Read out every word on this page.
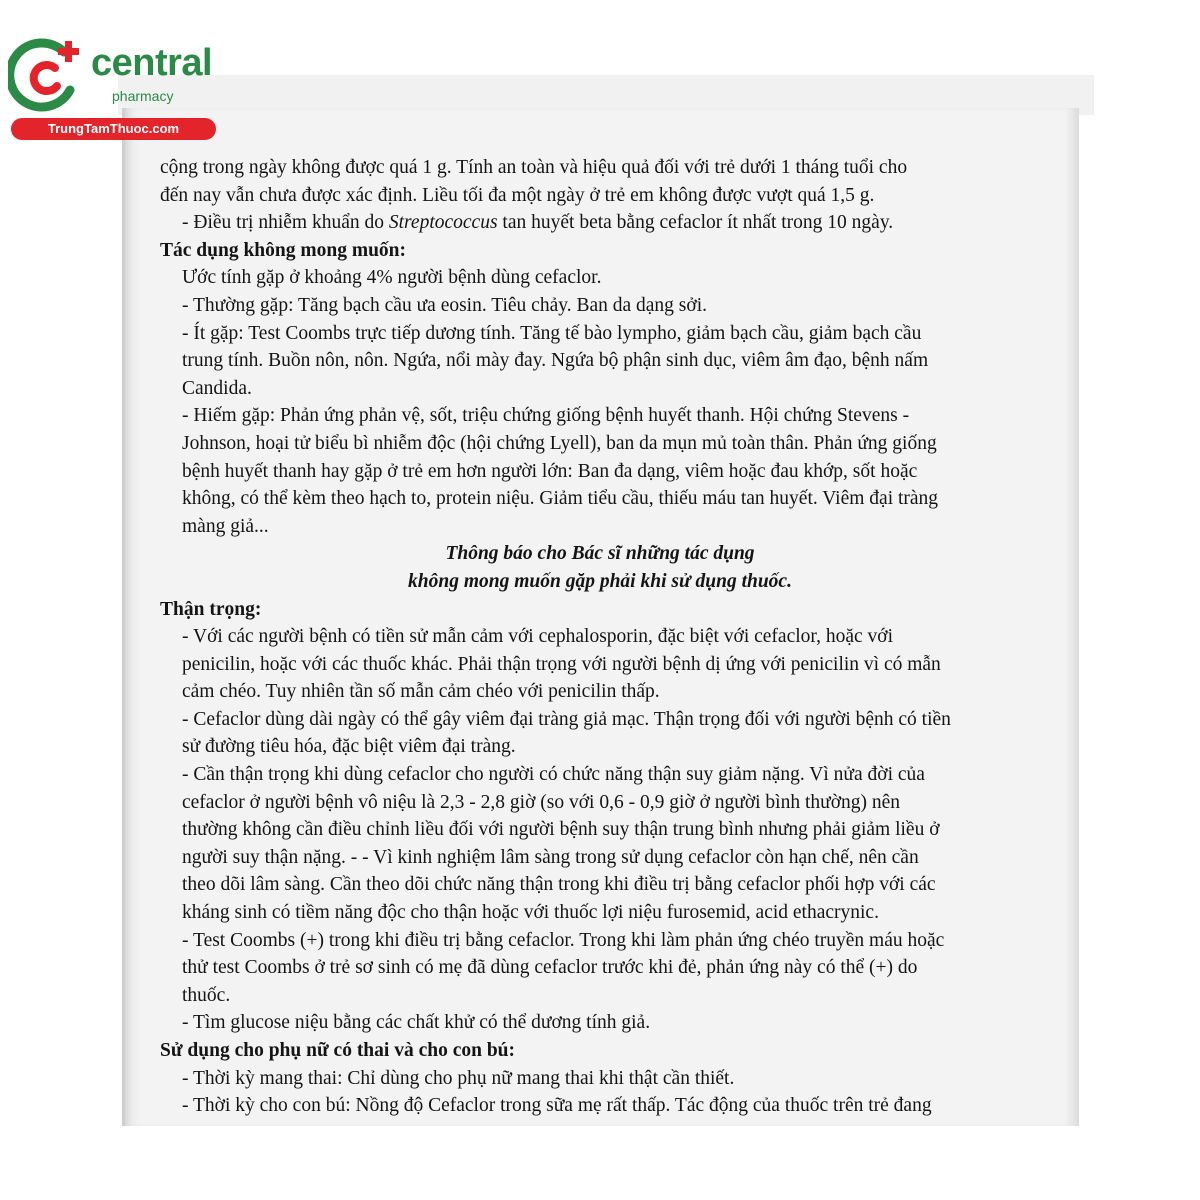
central
pharmacy
TrungTamThuoc.com
cộng trong ngày không được quá 1 g. Tính an toàn và hiệu quả đối với trẻ dưới 1 tháng tuổi cho
đến nay vẫn chưa được xác định. Liều tối đa một ngày ở trẻ em không được vượt quá 1,5 g.
- Điều trị nhiễm khuẩn do Streptococcus tan huyết beta bằng cefaclor ít nhất trong 10 ngày.
Tác dụng không mong muốn:
Ước tính gặp ở khoảng 4% người bệnh dùng cefaclor.
- Thường gặp: Tăng bạch cầu ưa eosin. Tiêu chảy. Ban da dạng sởi.
- Ít gặp: Test Coombs trực tiếp dương tính. Tăng tế bào lympho, giảm bạch cầu, giảm bạch cầu
trung tính. Buồn nôn, nôn. Ngứa, nổi mày đay. Ngứa bộ phận sinh dục, viêm âm đạo, bệnh nấm
Candida.
- Hiếm gặp: Phản ứng phản vệ, sốt, triệu chứng giống bệnh huyết thanh. Hội chứng Stevens -
Johnson, hoại tử biểu bì nhiễm độc (hội chứng Lyell), ban da mụn mủ toàn thân. Phản ứng giống
bệnh huyết thanh hay gặp ở trẻ em hơn người lớn: Ban đa dạng, viêm hoặc đau khớp, sốt hoặc
không, có thể kèm theo hạch to, protein niệu. Giảm tiểu cầu, thiếu máu tan huyết. Viêm đại tràng
màng giả...
Thông báo cho Bác sĩ những tác dụng
không mong muốn gặp phải khi sử dụng thuốc.
Thận trọng:
- Với các người bệnh có tiền sử mẫn cảm với cephalosporin, đặc biệt với cefaclor, hoặc với
penicilin, hoặc với các thuốc khác. Phải thận trọng với người bệnh dị ứng với penicilin vì có mẫn
cảm chéo. Tuy nhiên tần số mẫn cảm chéo với penicilin thấp.
- Cefaclor dùng dài ngày có thể gây viêm đại tràng giả mạc. Thận trọng đối với người bệnh có tiền
sử đường tiêu hóa, đặc biệt viêm đại tràng.
- Cần thận trọng khi dùng cefaclor cho người có chức năng thận suy giảm nặng. Vì nửa đời của
cefaclor ở người bệnh vô niệu là 2,3 - 2,8 giờ (so với 0,6 - 0,9 giờ ở người bình thường) nên
thường không cần điều chỉnh liều đối với người bệnh suy thận trung bình nhưng phải giảm liều ở
người suy thận nặng. - - Vì kinh nghiệm lâm sàng trong sử dụng cefaclor còn hạn chế, nên cần
theo dõi lâm sàng. Cần theo dõi chức năng thận trong khi điều trị bằng cefaclor phối hợp với các
kháng sinh có tiềm năng độc cho thận hoặc với thuốc lợi niệu furosemid, acid ethacrynic.
- Test Coombs (+) trong khi điều trị bằng cefaclor. Trong khi làm phản ứng chéo truyền máu hoặc
thử test Coombs ở trẻ sơ sinh có mẹ đã dùng cefaclor trước khi đẻ, phản ứng này có thể (+) do
thuốc.
- Tìm glucose niệu bằng các chất khử có thể dương tính giả.
Sử dụng cho phụ nữ có thai và cho con bú:
- Thời kỳ mang thai: Chỉ dùng cho phụ nữ mang thai khi thật cần thiết.
- Thời kỳ cho con bú: Nồng độ Cefaclor trong sữa mẹ rất thấp. Tác động của thuốc trên trẻ đang
